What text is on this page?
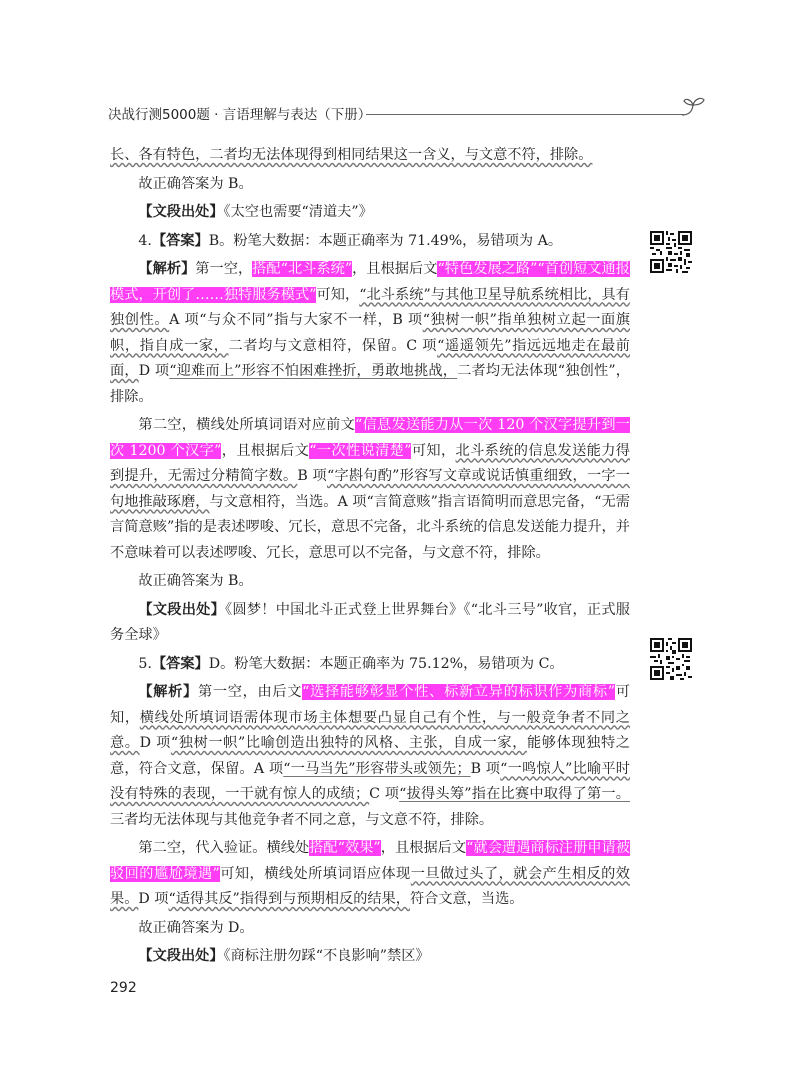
决战行测5000题 · 言语理解与表达（下册）

长、各有特色，二者均无法体现得到相同结果这一含义，与文意不符，排除。

故正确答案为 B。

【文段出处】《太空也需要“清道夫”》

4.【答案】B。粉笔大数据：本题正确率为 71.49%，易错项为 A。

【解析】第一空，搭配“北斗系统”，且根据后文“特色发展之路”“首创短文通报模式，开创了……独特服务模式”可知，“北斗系统”与其他卫星导航系统相比，具有独创性。A 项“与众不同”指与大家不一样，B 项“独树一帜”指单独树立起一面旗帜，指自成一家，二者均与文意相符，保留。C 项“遥遥领先”指远远地走在最前面，D 项“迎难而上”形容不怕困难挫折，勇敢地挑战，二者均无法体现“独创性”，排除。

第二空，横线处所填词语对应前文“信息发送能力从一次 120 个汉字提升到一次 1200 个汉字”，且根据后文“一次性说清楚”可知，北斗系统的信息发送能力得到提升，无需过分精简字数。B 项“字斟句酌”形容写文章或说话慎重细致，一字一句地推敲琢磨，与文意相符，当选。A 项“言简意赅”指言语简明而意思完备，“无需言简意赅”指的是表述啰唆、冗长，意思不完备，北斗系统的信息发送能力提升，并不意味着可以表述啰唆、冗长，意思可以不完备，与文意不符，排除。

故正确答案为 B。

【文段出处】《圆梦！中国北斗正式登上世界舞台》《“北斗三号”收官，正式服务全球》

5.【答案】D。粉笔大数据：本题正确率为 75.12%，易错项为 C。

【解析】第一空，由后文“选择能够彰显个性、标新立异的标识作为商标”可知，横线处所填词语需体现市场主体想要凸显自己有个性，与一般竞争者不同之意。D 项“独树一帜”比喻创造出独特的风格、主张，自成一家，能够体现独特之意，符合文意，保留。A 项“一马当先”形容带头或领先；B 项“一鸣惊人”比喻平时没有特殊的表现，一干就有惊人的成绩；C 项“拔得头筹”指在比赛中取得了第一。三者均无法体现与其他竞争者不同之意，与文意不符，排除。

第二空，代入验证。横线处搭配“效果”，且根据后文“就会遭遇商标注册申请被驳回的尴尬境遇”可知，横线处所填词语应体现一旦做过头了，就会产生相反的效果。D 项“适得其反”指得到与预期相反的结果，符合文意，当选。

故正确答案为 D。

【文段出处】《商标注册勿踩“不良影响”禁区》

292
